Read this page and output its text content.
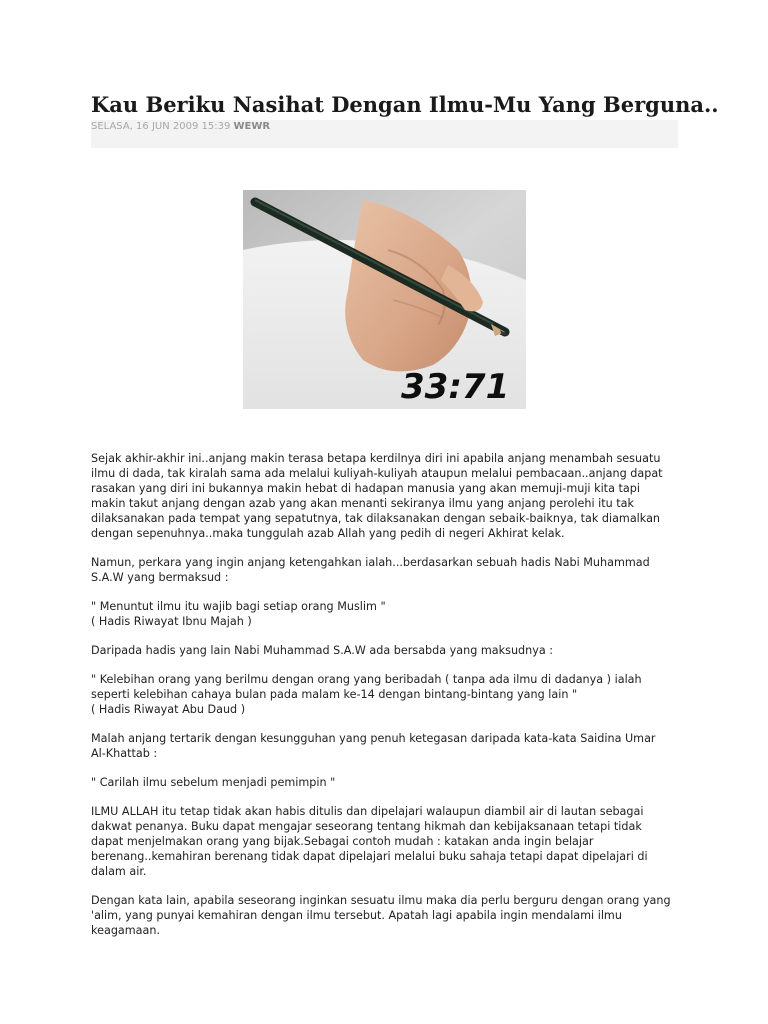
Kau Beriku Nasihat Dengan Ilmu-Mu Yang Berguna..
SELASA, 16 JUN 2009 15:39 WEWR
33:71

Sejak akhir-akhir ini..anjang makin terasa betapa kerdilnya diri ini apabila anjang menambah sesuatu
ilmu di dada, tak kiralah sama ada melalui kuliyah-kuliyah ataupun melalui pembacaan..anjang dapat
rasakan yang diri ini bukannya makin hebat di hadapan manusia yang akan memuji-muji kita tapi
makin takut anjang dengan azab yang akan menanti sekiranya ilmu yang anjang perolehi itu tak
dilaksanakan pada tempat yang sepatutnya, tak dilaksanakan dengan sebaik-baiknya, tak diamalkan
dengan sepenuhnya..maka tunggulah azab Allah yang pedih di negeri Akhirat kelak.

Namun, perkara yang ingin anjang ketengahkan ialah...berdasarkan sebuah hadis Nabi Muhammad
S.A.W yang bermaksud :

" Menuntut ilmu itu wajib bagi setiap orang Muslim "
( Hadis Riwayat Ibnu Majah )

Daripada hadis yang lain Nabi Muhammad S.A.W ada bersabda yang maksudnya :

" Kelebihan orang yang berilmu dengan orang yang beribadah ( tanpa ada ilmu di dadanya ) ialah
seperti kelebihan cahaya bulan pada malam ke-14 dengan bintang-bintang yang lain "
( Hadis Riwayat Abu Daud )

Malah anjang tertarik dengan kesungguhan yang penuh ketegasan daripada kata-kata Saidina Umar
Al-Khattab :

" Carilah ilmu sebelum menjadi pemimpin "

ILMU ALLAH itu tetap tidak akan habis ditulis dan dipelajari walaupun diambil air di lautan sebagai
dakwat penanya. Buku dapat mengajar seseorang tentang hikmah dan kebijaksanaan tetapi tidak
dapat menjelmakan orang yang bijak.Sebagai contoh mudah : katakan anda ingin belajar
berenang..kemahiran berenang tidak dapat dipelajari melalui buku sahaja tetapi dapat dipelajari di
dalam air.

Dengan kata lain, apabila seseorang inginkan sesuatu ilmu maka dia perlu berguru dengan orang yang
'alim, yang punyai kemahiran dengan ilmu tersebut. Apatah lagi apabila ingin mendalami ilmu
keagamaan.
